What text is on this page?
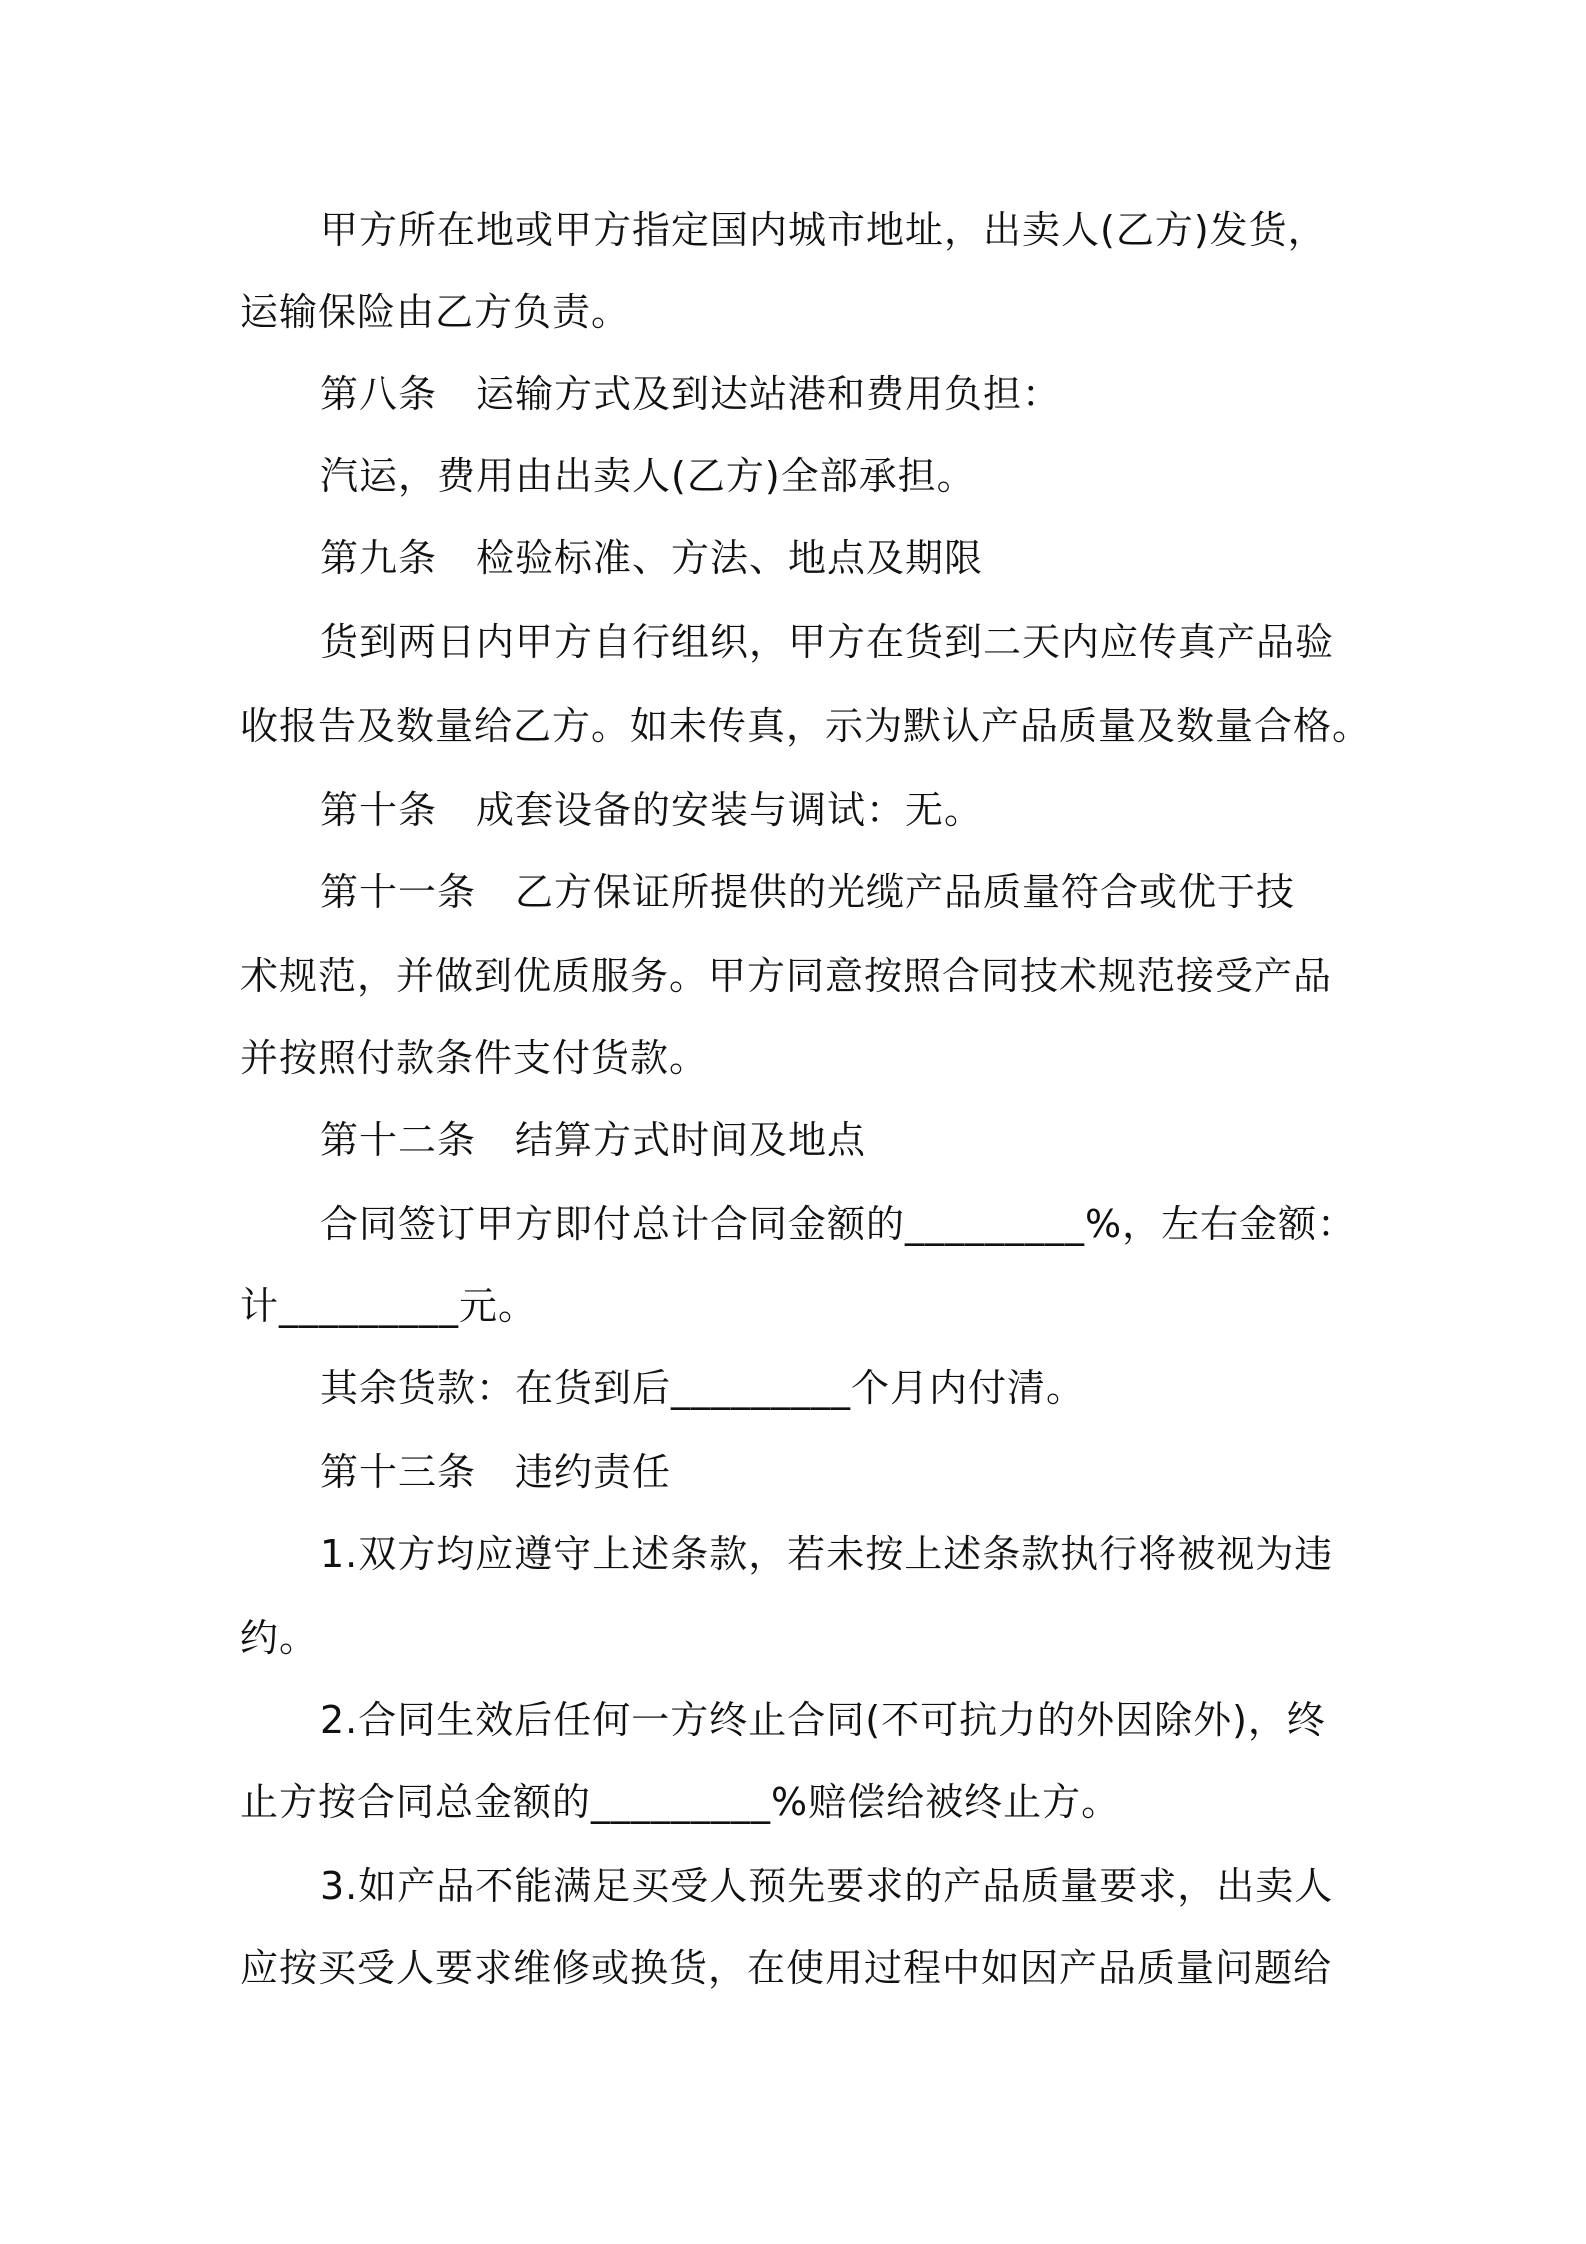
甲方所在地或甲方指定国内城市地址，出卖人(乙方)发货，
运输保险由乙方负责。
第八条　运输方式及到达站港和费用负担：
汽运，费用由出卖人(乙方)全部承担。
第九条　检验标准、方法、地点及期限
货到两日内甲方自行组织，甲方在货到二天内应传真产品验
收报告及数量给乙方。如未传真，示为默认产品质量及数量合格。
第十条　成套设备的安装与调试：无。
第十一条　乙方保证所提供的光缆产品质量符合或优于技
术规范，并做到优质服务。甲方同意按照合同技术规范接受产品
并按照付款条件支付货款。
第十二条　结算方式时间及地点
合同签订甲方即付总计合同金额的_________%，左右金额：
计_________元。
其余货款：在货到后_________个月内付清。
第十三条　违约责任
1.双方均应遵守上述条款，若未按上述条款执行将被视为违
约。
2.合同生效后任何一方终止合同(不可抗力的外因除外)，终
止方按合同总金额的_________%赔偿给被终止方。
3.如产品不能满足买受人预先要求的产品质量要求，出卖人
应按买受人要求维修或换货，在使用过程中如因产品质量问题给
